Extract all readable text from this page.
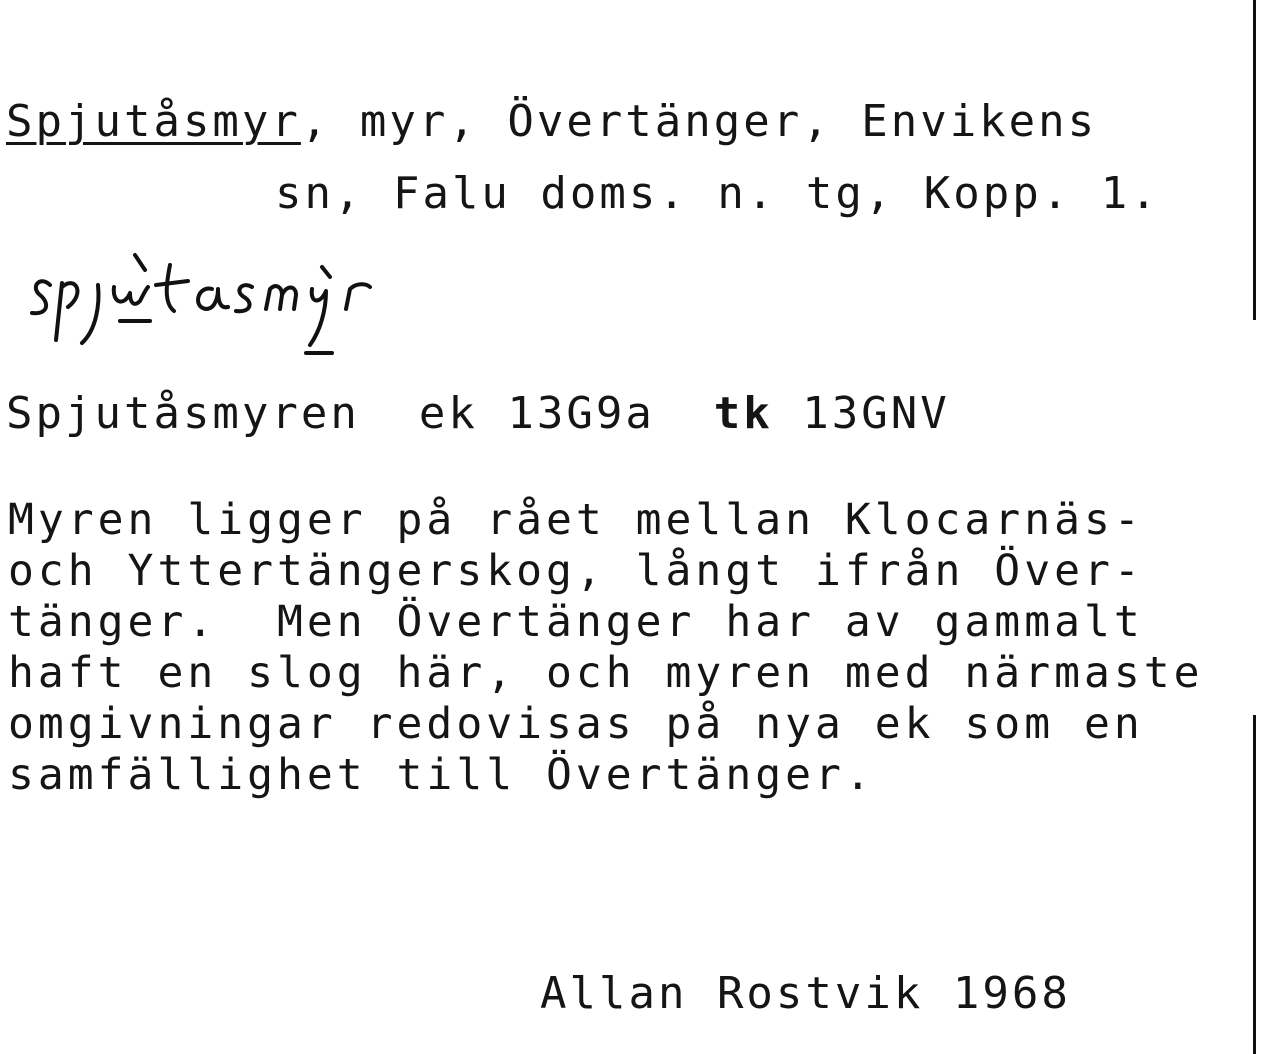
Spjutåsmyr, myr, Övertänger, Envikens
sn, Falu doms. n. tg, Kopp. 1.
Spjutåsmyren ek 13G9a tk 13GNV
Myren ligger på rået mellan Klocarnäs-
och Yttertängerskog, långt ifrån Över-
tänger.  Men Övertänger har av gammalt
haft en slog här, och myren med närmaste
omgivningar redovisas på nya ek som en
samfällighet till Övertänger.
Allan Rostvik 1968
